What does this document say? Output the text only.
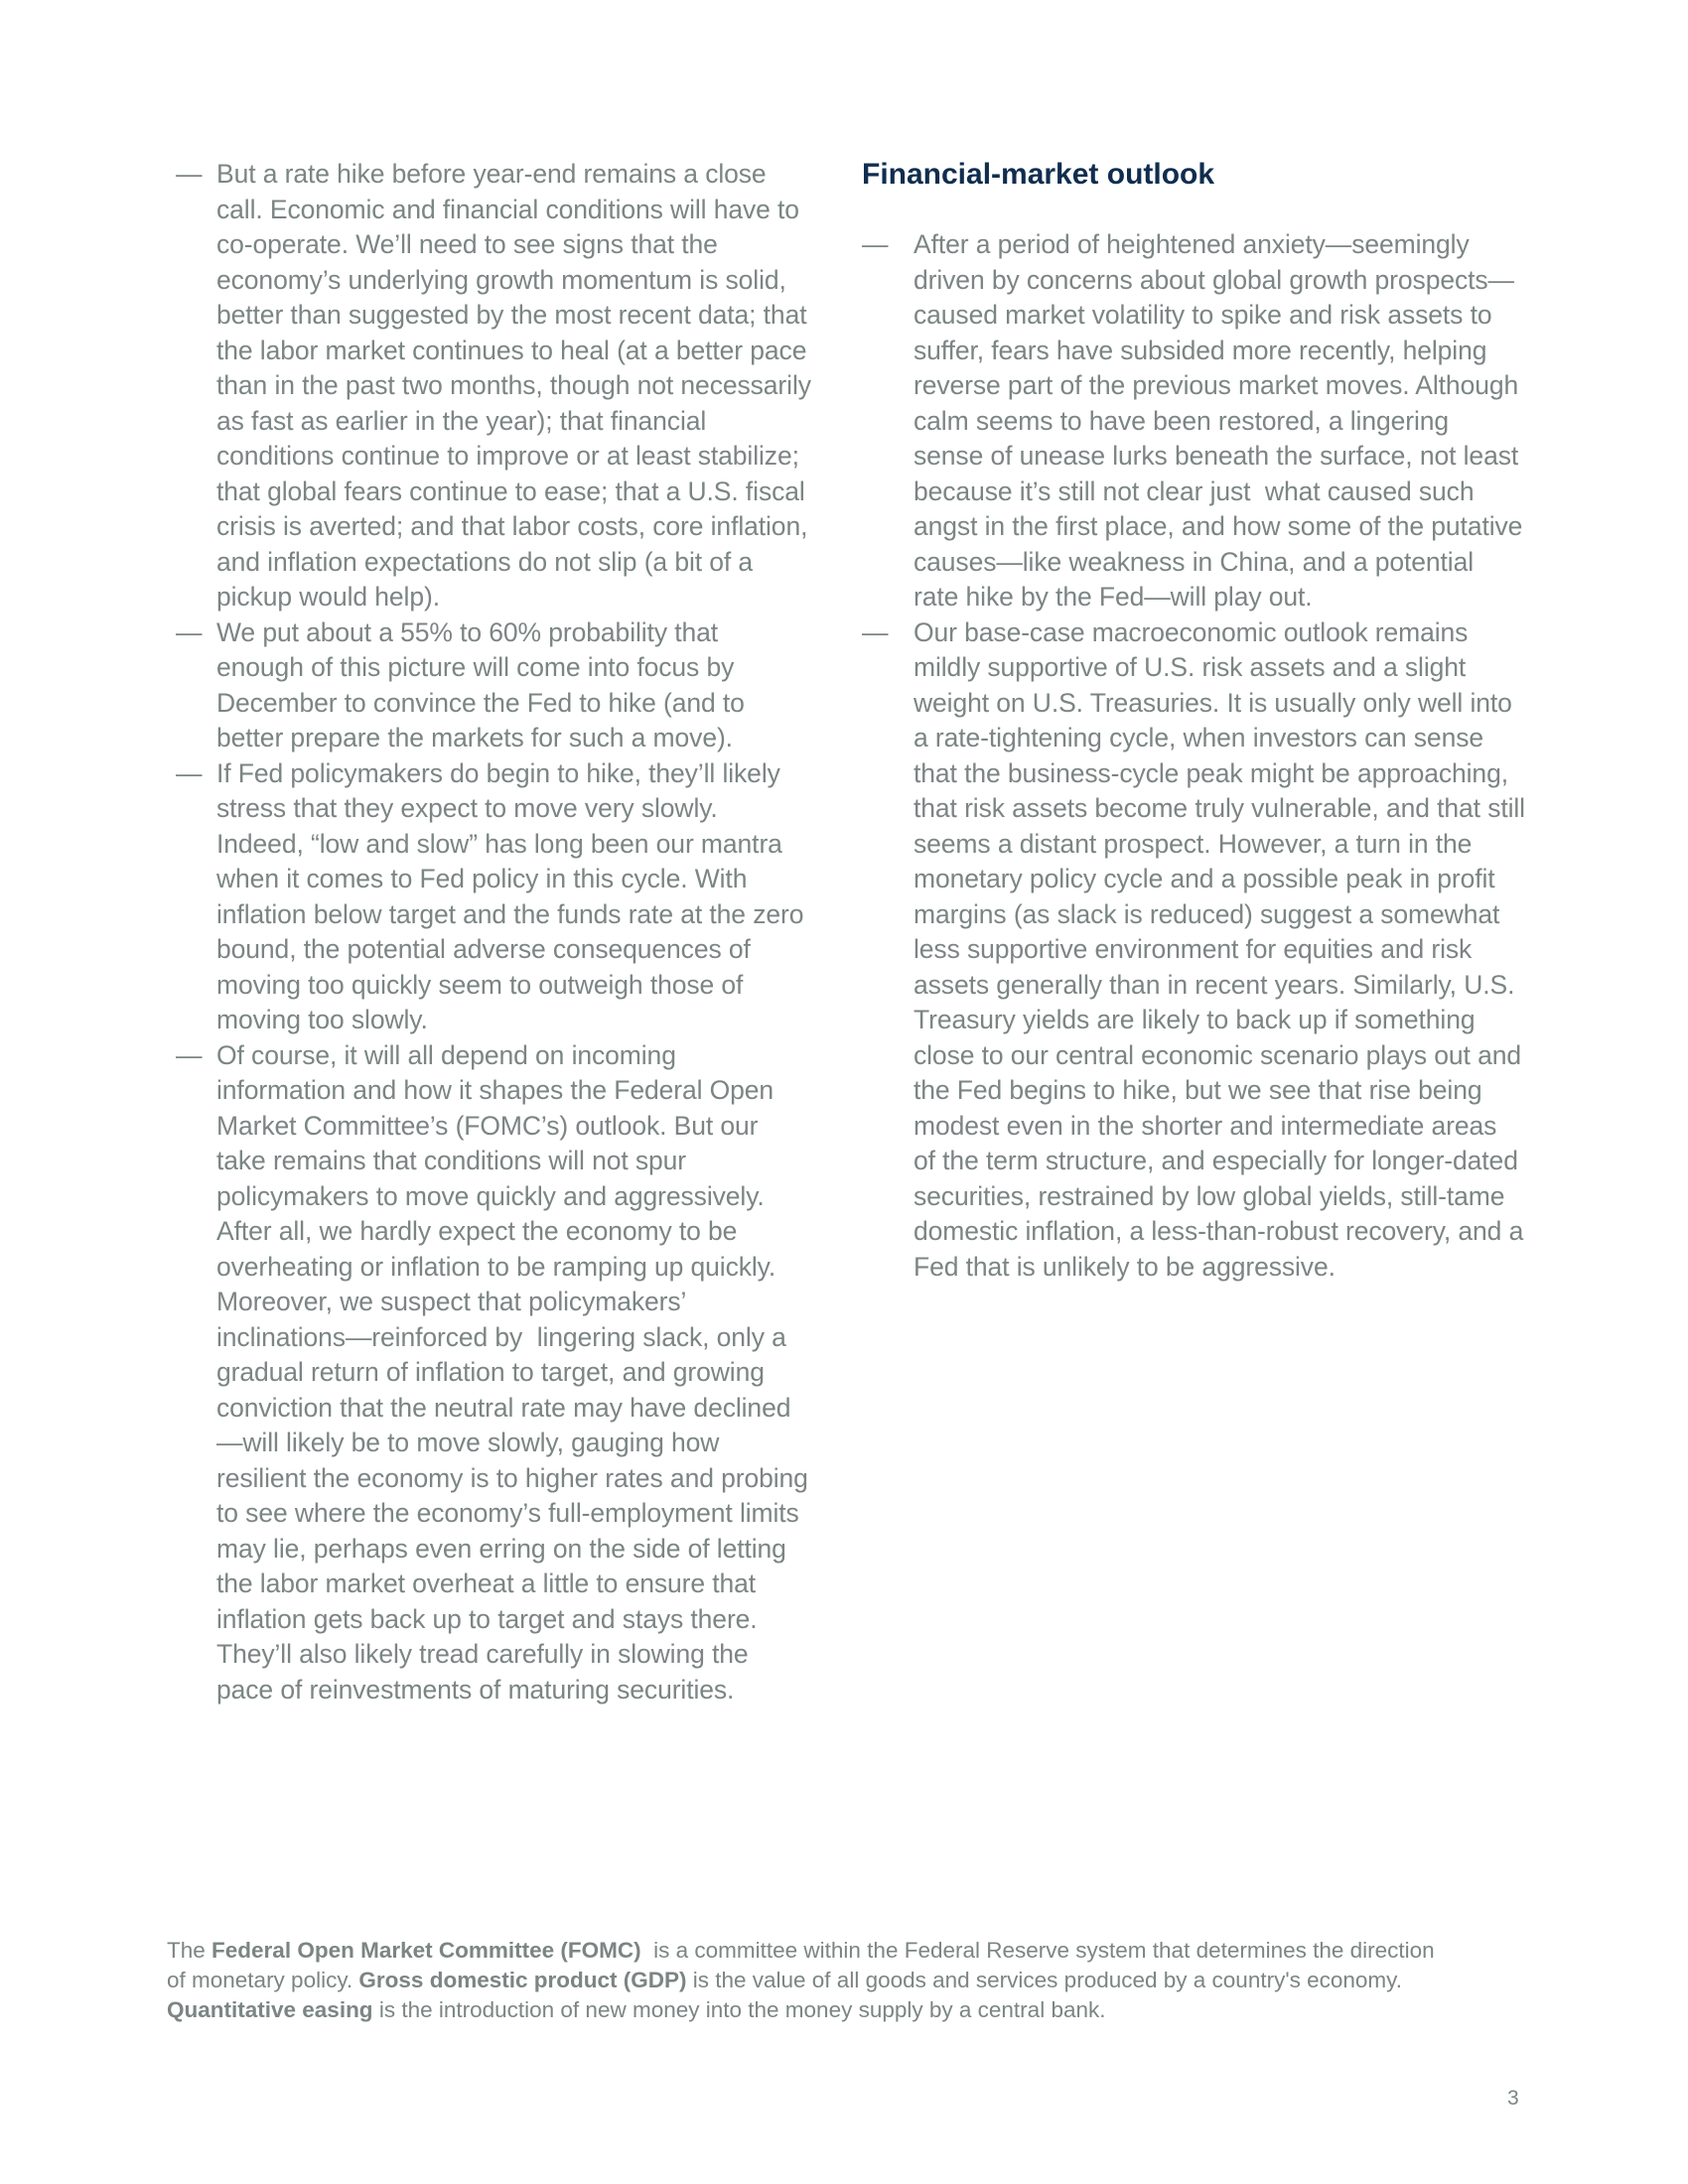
— But a rate hike before year-end remains a close call. Economic and financial conditions will have to co-operate. We’ll need to see signs that the economy’s underlying growth momentum is solid, better than suggested by the most recent data; that the labor market continues to heal (at a better pace than in the past two months, though not necessarily as fast as earlier in the year); that financial conditions continue to improve or at least stabilize; that global fears continue to ease; that a U.S. fiscal crisis is averted; and that labor costs, core inflation, and inflation expectations do not slip (a bit of a pickup would help).

— We put about a 55% to 60% probability that enough of this picture will come into focus by December to convince the Fed to hike (and to better prepare the markets for such a move).

— If Fed policymakers do begin to hike, they’ll likely stress that they expect to move very slowly. Indeed, “low and slow” has long been our mantra when it comes to Fed policy in this cycle. With inflation below target and the funds rate at the zero bound, the potential adverse consequences of moving too quickly seem to outweigh those of moving too slowly.

— Of course, it will all depend on incoming information and how it shapes the Federal Open Market Committee’s (FOMC’s) outlook. But our take remains that conditions will not spur policymakers to move quickly and aggressively. After all, we hardly expect the economy to be overheating or inflation to be ramping up quickly. Moreover, we suspect that policymakers’ inclinations—reinforced by  lingering slack, only a gradual return of inflation to target, and growing conviction that the neutral rate may have declined—will likely be to move slowly, gauging how resilient the economy is to higher rates and probing to see where the economy’s full-employment limits may lie, perhaps even erring on the side of letting the labor market overheat a little to ensure that inflation gets back up to target and stays there. They’ll also likely tread carefully in slowing the pace of reinvestments of maturing securities.

Financial-market outlook
— After a period of heightened anxiety—seemingly driven by concerns about global growth prospects—caused market volatility to spike and risk assets to suffer, fears have subsided more recently, helping reverse part of the previous market moves. Although calm seems to have been restored, a lingering sense of unease lurks beneath the surface, not least because it’s still not clear just  what caused such angst in the first place, and how some of the putative causes—like weakness in China, and a potential rate hike by the Fed—will play out.

— Our base-case macroeconomic outlook remains mildly supportive of U.S. risk assets and a slight weight on U.S. Treasuries. It is usually only well into a rate-tightening cycle, when investors can sense that the business-cycle peak might be approaching, that risk assets become truly vulnerable, and that still seems a distant prospect. However, a turn in the monetary policy cycle and a possible peak in profit margins (as slack is reduced) suggest a somewhat less supportive environment for equities and risk assets generally than in recent years. Similarly, U.S. Treasury yields are likely to back up if something close to our central economic scenario plays out and the Fed begins to hike, but we see that rise being modest even in the shorter and intermediate areas of the term structure, and especially for longer-dated securities, restrained by low global yields, still-tame domestic inflation, a less-than-robust recovery, and a Fed that is unlikely to be aggressive.

The Federal Open Market Committee (FOMC)  is a committee within the Federal Reserve system that determines the direction of monetary policy. Gross domestic product (GDP) is the value of all goods and services produced by a country's economy. Quantitative easing is the introduction of new money into the money supply by a central bank.
3
